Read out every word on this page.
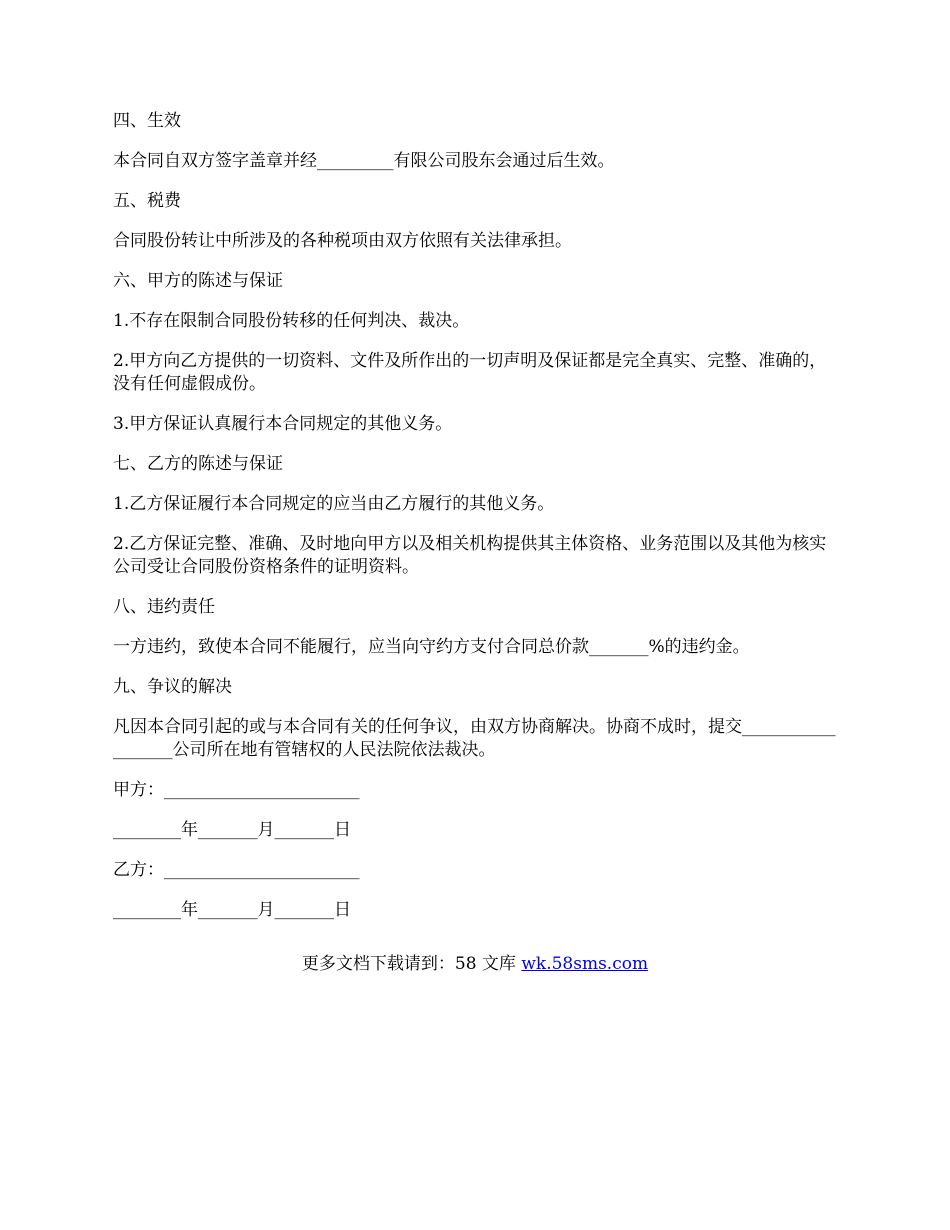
四、生效

本合同自双方签字盖章并经_________有限公司股东会通过后生效。

五、税费

合同股份转让中所涉及的各种税项由双方依照有关法律承担。

六、甲方的陈述与保证

1.不存在限制合同股份转移的任何判决、裁决。

2.甲方向乙方提供的一切资料、文件及所作出的一切声明及保证都是完全真实、完整、准确的，没有任何虚假成份。

3.甲方保证认真履行本合同规定的其他义务。

七、乙方的陈述与保证

1.乙方保证履行本合同规定的应当由乙方履行的其他义务。

2.乙方保证完整、准确、及时地向甲方以及相关机构提供其主体资格、业务范围以及其他为核实公司受让合同股份资格条件的证明资料。

八、违约责任

一方违约，致使本合同不能履行，应当向守约方支付合同总价款_______%的违约金。

九、争议的解决

凡因本合同引起的或与本合同有关的任何争议，由双方协商解决。协商不成时，提交__________________公司所在地有管辖权的人民法院依法裁决。

甲方：_______________________

________年_______月_______日

乙方：_______________________

________年_______月_______日

更多文档下载请到：58 文库 wk.58sms.com
